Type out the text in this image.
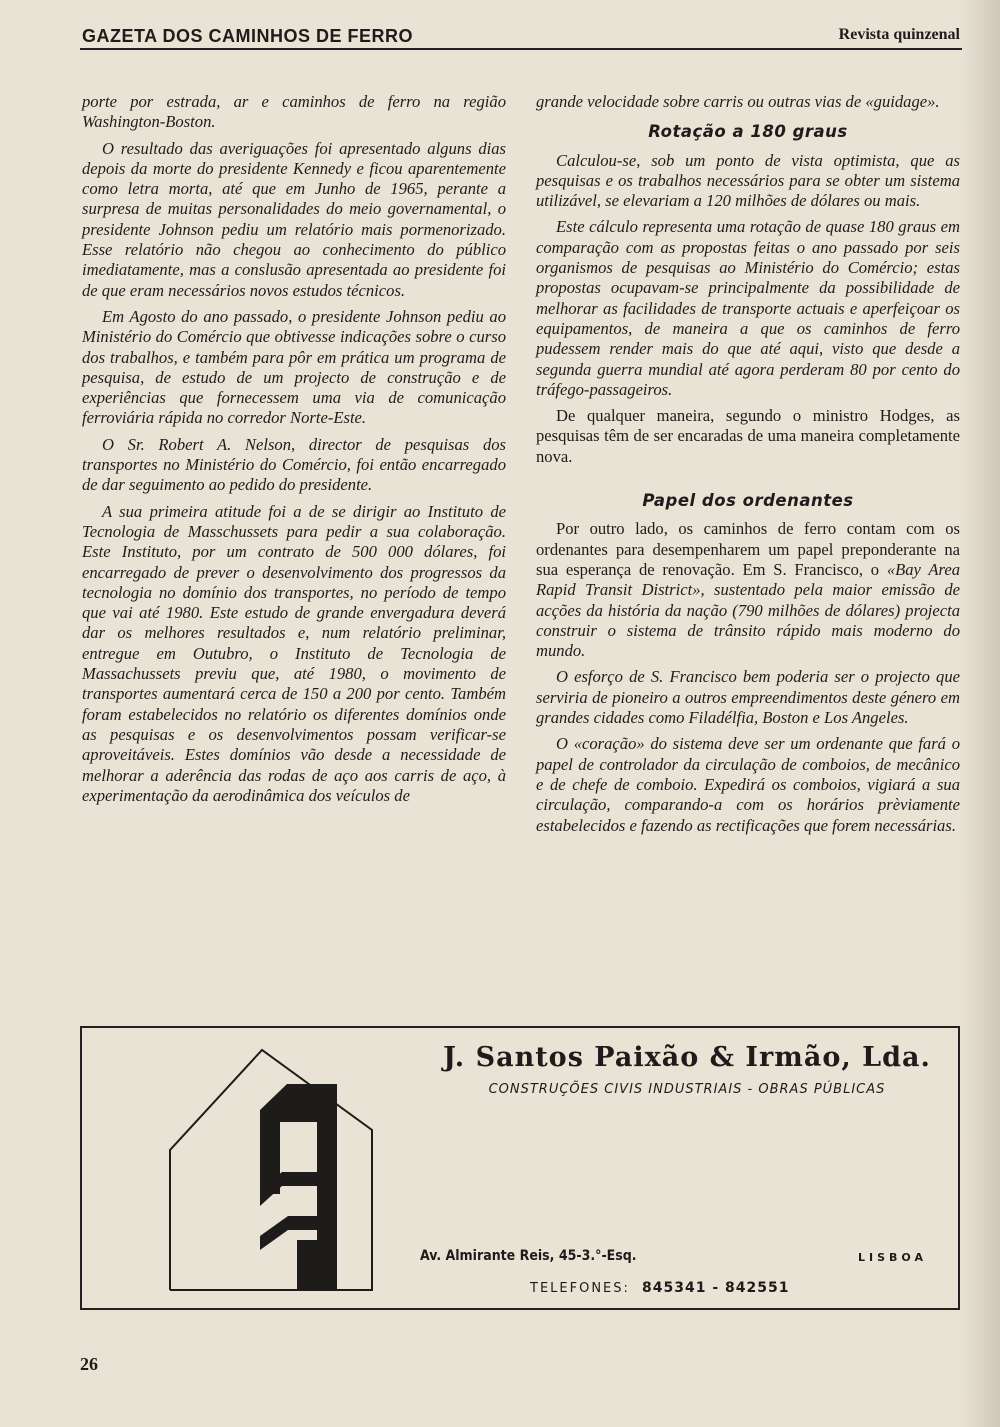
GAZETA DOS CAMINHOS DE FERRO	Revista quinzenal

porte por estrada, ar e caminhos de ferro na região Washington-Boston.

O resultado das averiguações foi apresentado alguns dias depois da morte do presidente Kennedy e ficou aparentemente como letra morta, até que em Junho de 1965, perante a surpresa de muitas personalidades do meio governamental, o presidente Johnson pediu um relatório mais pormenorizado. Esse relatório não chegou ao conhecimento do público imediatamente, mas a conslusão apresentada ao presidente foi de que eram necessários novos estudos técnicos.

Em Agosto do ano passado, o presidente Johnson pediu ao Ministério do Comércio que obtivesse indicações sobre o curso dos trabalhos, e também para pôr em prática um programa de pesquisa, de estudo de um projecto de construção e de experiências que fornecessem uma via de comunicação ferroviária rápida no corredor Norte-Este.

O Sr. Robert A. Nelson, director de pesquisas dos transportes no Ministério do Comércio, foi então encarregado de dar seguimento ao pedido do presidente.

A sua primeira atitude foi a de se dirigir ao Instituto de Tecnologia de Masschussets para pedir a sua colaboração. Este Instituto, por um contrato de 500 000 dólares, foi encarregado de prever o desenvolvimento dos progressos da tecnologia no domínio dos transportes, no período de tempo que vai até 1980. Este estudo de grande envergadura deverá dar os melhores resultados e, num relatório preliminar, entregue em Outubro, o Instituto de Tecnologia de Massachussets previu que, até 1980, o movimento de transportes aumentará cerca de 150 a 200 por cento. Também foram estabelecidos no relatório os diferentes domínios onde as pesquisas e os desenvolvimentos possam verificar-se aproveitáveis. Estes domínios vão desde a necessidade de melhorar a aderência das rodas de aço aos carris de aço, à experimentação da aerodinâmica dos veículos de

grande velocidade sobre carris ou outras vias de «guidage».

Rotação a 180 graus

Calculou-se, sob um ponto de vista optimista, que as pesquisas e os trabalhos necessários para se obter um sistema utilizável, se elevariam a 120 milhões de dólares ou mais.

Este cálculo representa uma rotação de quase 180 graus em comparação com as propostas feitas o ano passado por seis organismos de pesquisas ao Ministério do Comércio; estas propostas ocupavam-se principalmente da possibilidade de melhorar as facilidades de transporte actuais e aperfeiçoar os equipamentos, de maneira a que os caminhos de ferro pudessem render mais do que até aqui, visto que desde a segunda guerra mundial até agora perderam 80 por cento do tráfego-passageiros.

De qualquer maneira, segundo o ministro Hodges, as pesquisas têm de ser encaradas de uma maneira completamente nova.

Papel dos ordenantes

Por outro lado, os caminhos de ferro contam com os ordenantes para desempenharem um papel preponderante na sua esperança de renovação. Em S. Francisco, o «Bay Area Rapid Transit District», sustentado pela maior emissão de acções da história da nação (790 milhões de dólares) projecta construir o sistema de trânsito rápido mais moderno do mundo.

O esforço de S. Francisco bem poderia ser o projecto que serviria de pioneiro a outros empreendimentos deste género em grandes cidades como Filadélfia, Boston e Los Angeles.

O «coração» do sistema deve ser um ordenante que fará o papel de controlador da circulação de comboios, de mecânico e de chefe de comboio. Expedirá os comboios, vigiará a sua circulação, comparando-a com os horários prèviamente estabelecidos e fazendo as rectificações que forem necessárias.

J. Santos Paixão & Irmão, Lda.
CONSTRUÇÕES CIVIS INDUSTRIAIS - OBRAS PÚBLICAS
Av. Almirante Reis, 45-3.°-Esq.	LISBOA
TELEFONES: 845341 - 842551
26
